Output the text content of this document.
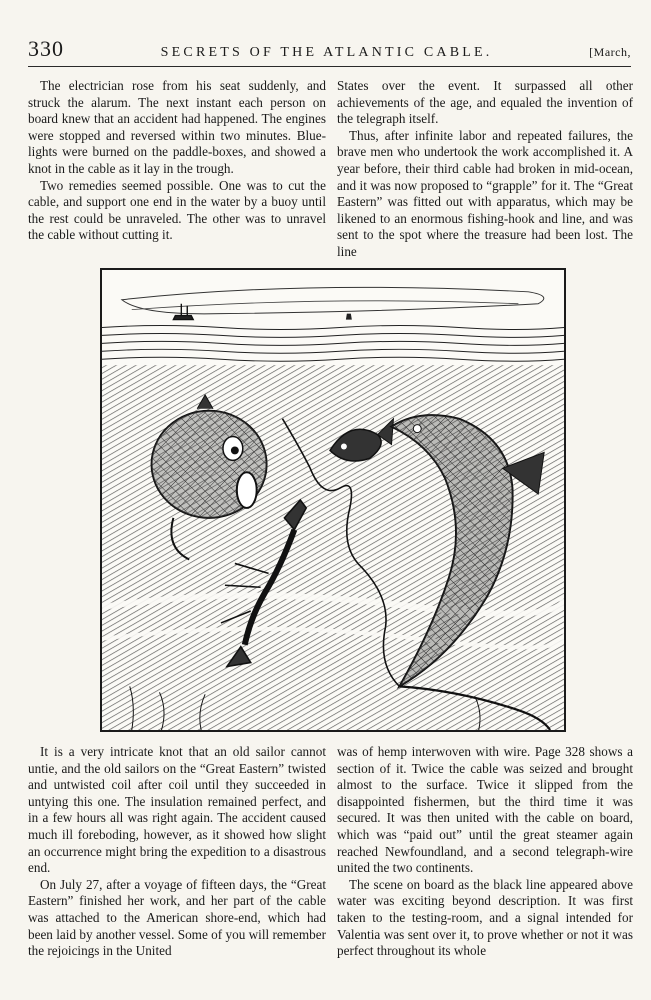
330	SECRETS OF THE ATLANTIC CABLE.	[March,

The electrician rose from his seat suddenly, and struck the alarum. The next instant each person on board knew that an accident had happened. The engines were stopped and reversed within two minutes. Blue-lights were burned on the paddle-boxes, and showed a knot in the cable as it lay in the trough.

Two remedies seemed possible. One was to cut the cable, and support one end in the water by a buoy until the rest could be unraveled. The other was to unravel the cable without cutting it.

States over the event. It surpassed all other achievements of the age, and equaled the invention of the telegraph itself.

Thus, after infinite labor and repeated failures, the brave men who undertook the work accomplished it. A year before, their third cable had broken in mid-ocean, and it was now proposed to “grapple” for it. The “Great Eastern” was fitted out with apparatus, which may be likened to an enormous fishing-hook and line, and was sent to the spot where the treasure had been lost. The line

It is a very intricate knot that an old sailor cannot untie, and the old sailors on the “Great Eastern” twisted and untwisted coil after coil until they succeeded in untying this one. The insulation remained perfect, and in a few hours all was right again. The accident caused much ill foreboding, however, as it showed how slight an occurrence might bring the expedition to a disastrous end.

On July 27, after a voyage of fifteen days, the “Great Eastern” finished her work, and her part of the cable was attached to the American shore-end, which had been laid by another vessel. Some of you will remember the rejoicings in the United

was of hemp interwoven with wire. Page 328 shows a section of it. Twice the cable was seized and brought almost to the surface. Twice it slipped from the disappointed fishermen, but the third time it was secured. It was then united with the cable on board, which was “paid out” until the great steamer again reached Newfoundland, and a second telegraph-wire united the two continents.

The scene on board as the black line appeared above water was exciting beyond description. It was first taken to the testing-room, and a signal intended for Valentia was sent over it, to prove whether or not it was perfect throughout its whole
